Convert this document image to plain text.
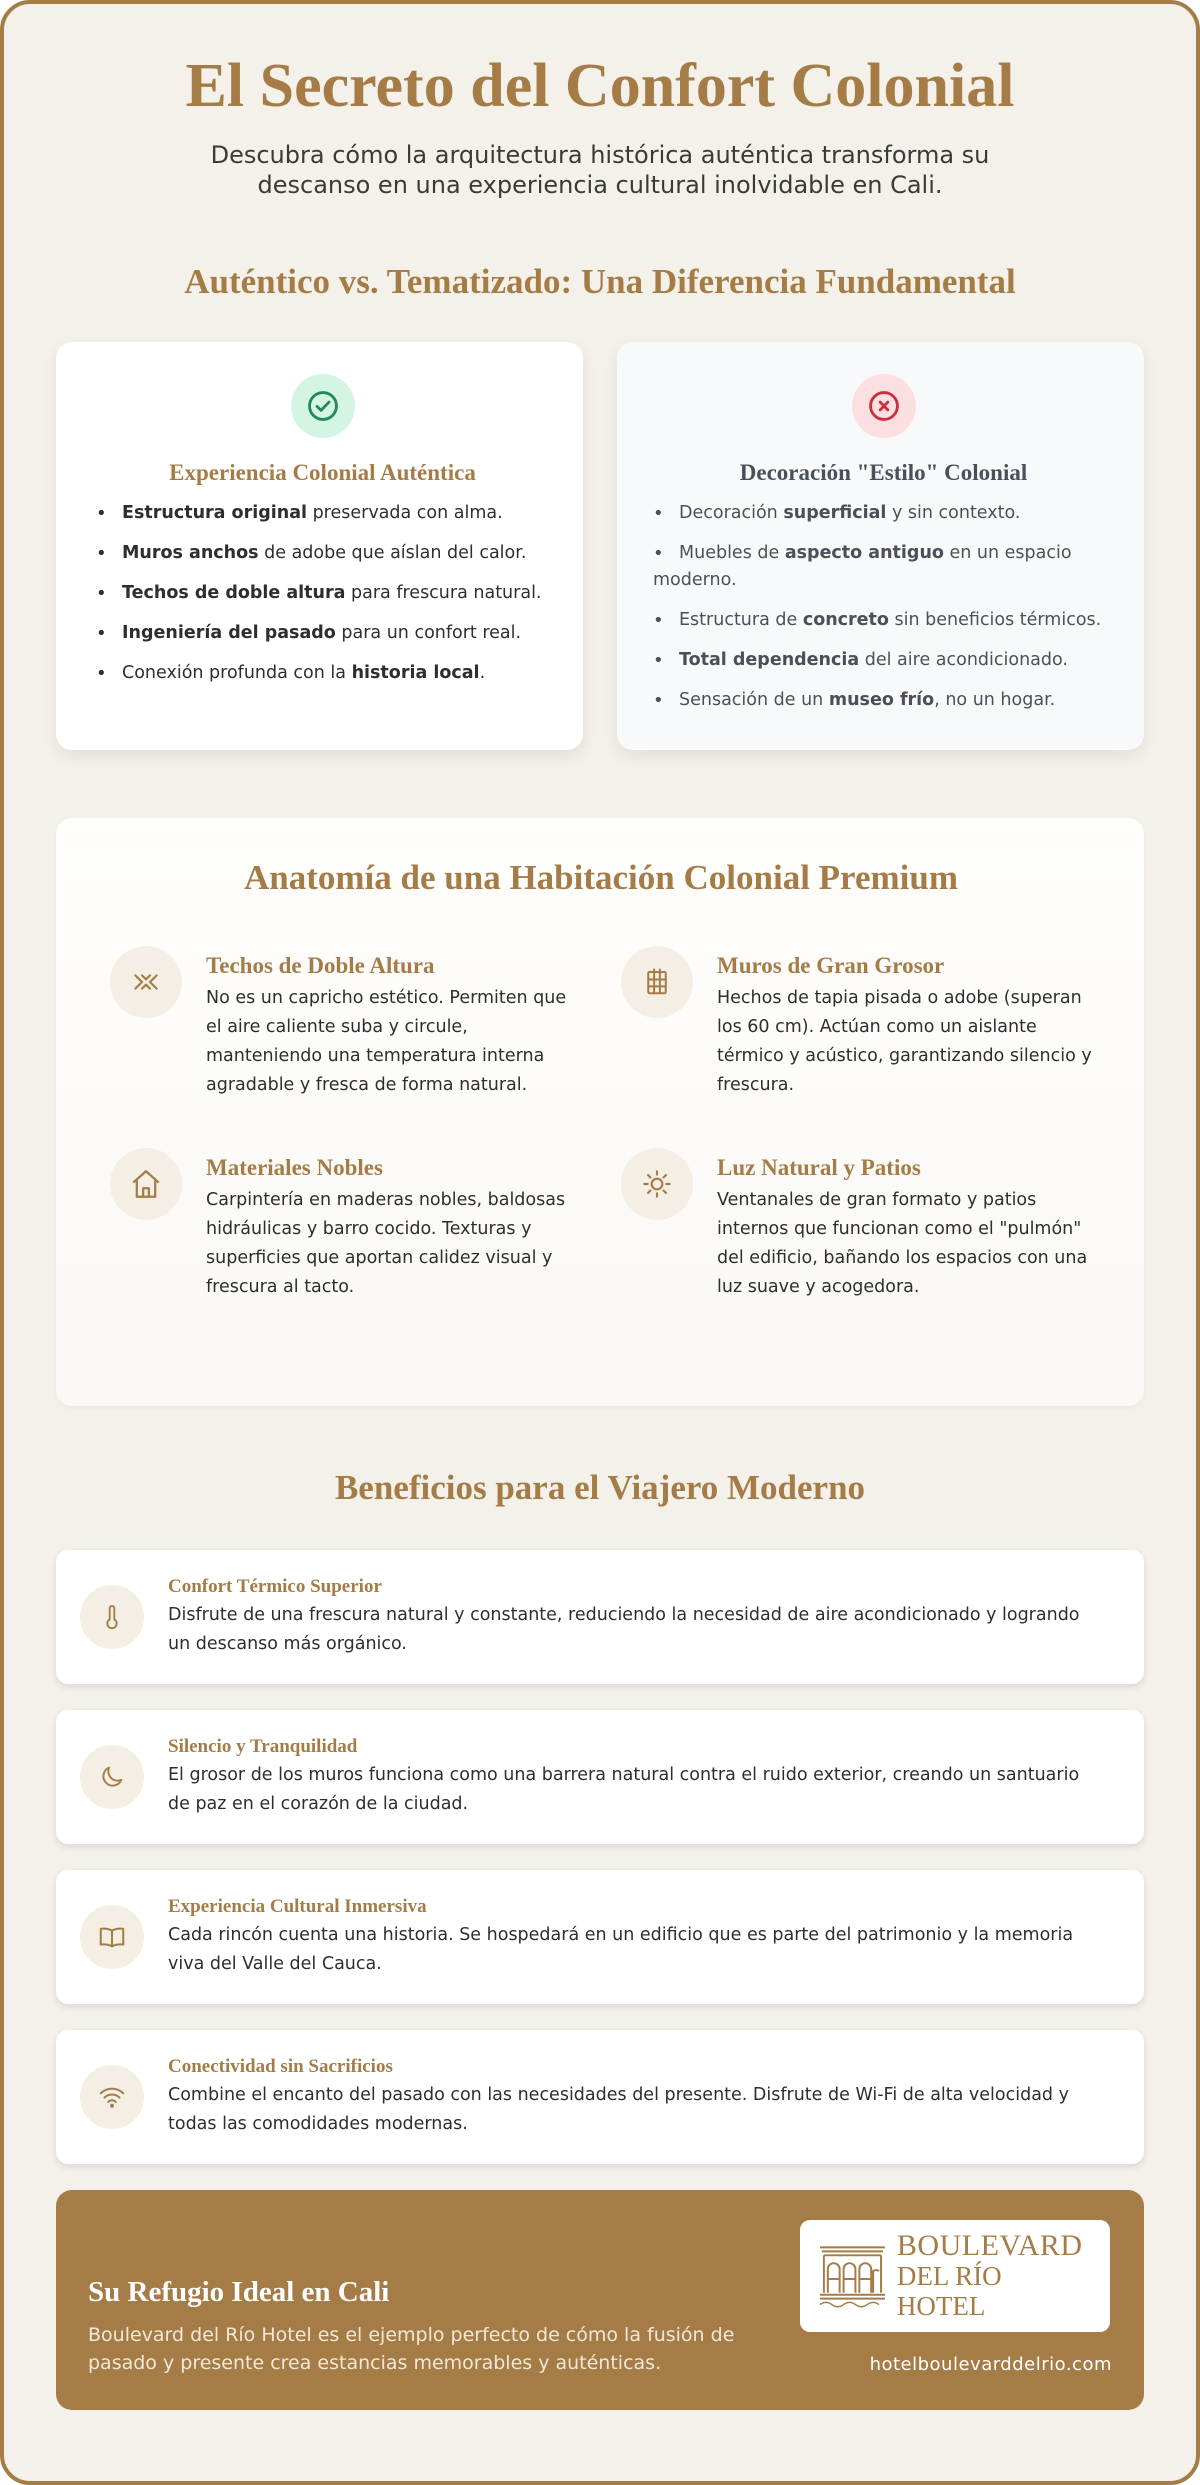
El Secreto del Confort Colonial

Descubra cómo la arquitectura histórica auténtica transforma su descanso en una experiencia cultural inolvidable en Cali.

Auténtico vs. Tematizado: Una Diferencia Fundamental
Experiencia Colonial Auténtica
• Estructura original preservada con alma.
• Muros anchos de adobe que aíslan del calor.
• Techos de doble altura para frescura natural.
• Ingeniería del pasado para un confort real.
• Conexión profunda con la historia local.
Decoración "Estilo" Colonial
• Decoración superficial y sin contexto.
• Muebles de aspecto antiguo en un espacio
moderno.
• Estructura de concreto sin beneficios térmicos.
• Total dependencia del aire acondicionado.
• Sensación de un museo frío, no un hogar.
Anatomía de una Habitación Colonial Premium
Techos de Doble Altura
No es un capricho estético. Permiten que el aire caliente suba y circule, manteniendo una temperatura interna agradable y fresca de forma natural.
Muros de Gran Grosor
Hechos de tapia pisada o adobe (superan los 60 cm). Actúan como un aislante térmico y acústico, garantizando silencio y frescura.
Materiales Nobles
Carpintería en maderas nobles, baldosas hidráulicas y barro cocido. Texturas y superficies que aportan calidez visual y frescura al tacto.
Luz Natural y Patios
Ventanales de gran formato y patios internos que funcionan como el "pulmón" del edificio, bañando los espacios con una luz suave y acogedora.
Beneficios para el Viajero Moderno
Confort Térmico Superior
Disfrute de una frescura natural y constante, reduciendo la necesidad de aire acondicionado y logrando un descanso más orgánico.
Silencio y Tranquilidad
El grosor de los muros funciona como una barrera natural contra el ruido exterior, creando un santuario de paz en el corazón de la ciudad.
Experiencia Cultural Inmersiva
Cada rincón cuenta una historia. Se hospedará en un edificio que es parte del patrimonio y la memoria viva del Valle del Cauca.
Conectividad sin Sacrificios
Combine el encanto del pasado con las necesidades del presente. Disfrute de Wi-Fi de alta velocidad y todas las comodidades modernas.
Su Refugio Ideal en Cali
Boulevard del Río Hotel es el ejemplo perfecto de cómo la fusión de pasado y presente crea estancias memorables y auténticas.
BOULEVARD
DEL RÍO HOTEL
hotelboulevarddelrio.com
